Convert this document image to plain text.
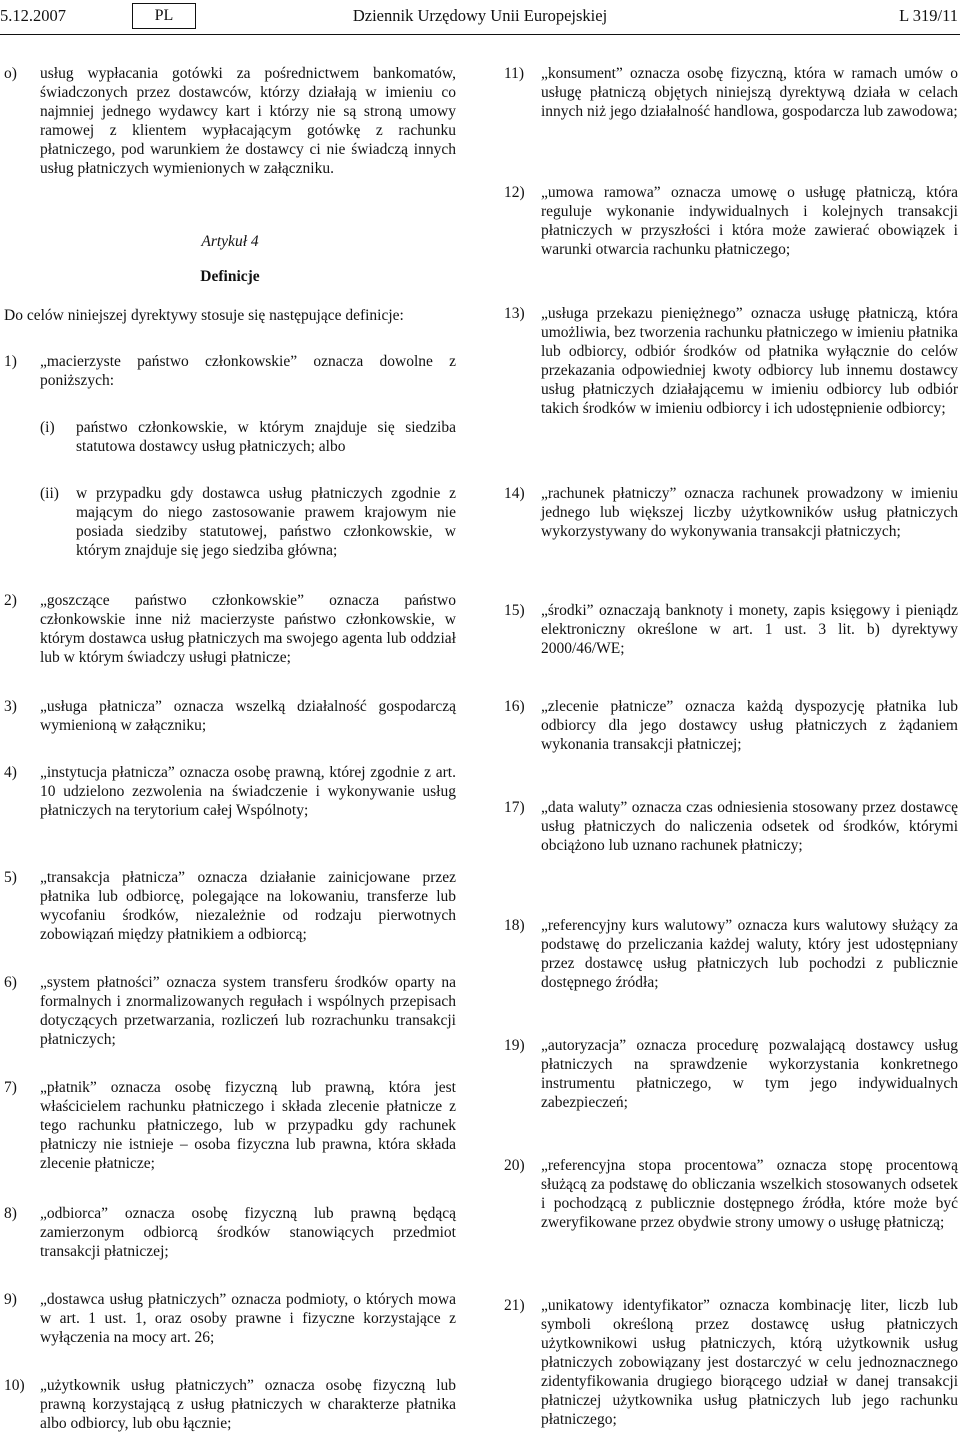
5.12.2007	PL	Dziennik Urzędowy Unii Europejskiej	L 319/11
o) usług wypłacania gotówki za pośrednictwem bankomatów, świadczonych przez dostawców, którzy działają w imieniu co najmniej jednego wydawcy kart i którzy nie są stroną umowy ramowej z klientem wypłacającym gotówkę z rachunku płatniczego, pod warunkiem że dostawcy ci nie świadczą innych usług płatniczych wymienionych w załączniku.
Artykuł 4
Definicje
Do celów niniejszej dyrektywy stosuje się następujące definicje:
1) „macierzyste państwo członkowskie” oznacza dowolne z poniższych:
(i) państwo członkowskie, w którym znajduje się siedziba statutowa dostawcy usług płatniczych; albo
(ii) w przypadku gdy dostawca usług płatniczych zgodnie z mającym do niego zastosowanie prawem krajowym nie posiada siedziby statutowej, państwo członkowskie, w którym znajduje się jego siedziba główna;
2) „goszczące państwo członkowskie” oznacza państwo członkowskie inne niż macierzyste państwo członkowskie, w którym dostawca usług płatniczych ma swojego agenta lub oddział lub w którym świadczy usługi płatnicze;
3) „usługa płatnicza” oznacza wszelką działalność gospodarczą wymienioną w załączniku;
4) „instytucja płatnicza” oznacza osobę prawną, której zgodnie z art. 10 udzielono zezwolenia na świadczenie i wykonywanie usług płatniczych na terytorium całej Wspólnoty;
5) „transakcja płatnicza” oznacza działanie zainicjowane przez płatnika lub odbiorcę, polegające na lokowaniu, transferze lub wycofaniu środków, niezależnie od rodzaju pierwotnych zobowiązań między płatnikiem a odbiorcą;
6) „system płatności” oznacza system transferu środków oparty na formalnych i znormalizowanych regułach i wspólnych przepisach dotyczących przetwarzania, rozliczeń lub rozrachunku transakcji płatniczych;
7) „płatnik” oznacza osobę fizyczną lub prawną, która jest właścicielem rachunku płatniczego i składa zlecenie płatnicze z tego rachunku płatniczego, lub w przypadku gdy rachunek płatniczy nie istnieje – osoba fizyczna lub prawna, która składa zlecenie płatnicze;
8) „odbiorca” oznacza osobę fizyczną lub prawną będącą zamierzonym odbiorcą środków stanowiących przedmiot transakcji płatniczej;
9) „dostawca usług płatniczych” oznacza podmioty, o których mowa w art. 1 ust. 1, oraz osoby prawne i fizyczne korzystające z wyłączenia na mocy art. 26;
10) „użytkownik usług płatniczych” oznacza osobę fizyczną lub prawną korzystającą z usług płatniczych w charakterze płatnika albo odbiorcy, lub obu łącznie;
11) „konsument” oznacza osobę fizyczną, która w ramach umów o usługę płatniczą objętych niniejszą dyrektywą działa w celach innych niż jego działalność handlowa, gospodarcza lub zawodowa;
12) „umowa ramowa” oznacza umowę o usługę płatniczą, która reguluje wykonanie indywidualnych i kolejnych transakcji płatniczych w przyszłości i która może zawierać obowiązek i warunki otwarcia rachunku płatniczego;
13) „usługa przekazu pieniężnego” oznacza usługę płatniczą, która umożliwia, bez tworzenia rachunku płatniczego w imieniu płatnika lub odbiorcy, odbiór środków od płatnika wyłącznie do celów przekazania odpowiedniej kwoty odbiorcy lub innemu dostawcy usług płatniczych działającemu w imieniu odbiorcy lub odbiór takich środków w imieniu odbiorcy i ich udostępnienie odbiorcy;
14) „rachunek płatniczy” oznacza rachunek prowadzony w imieniu jednego lub większej liczby użytkowników usług płatniczych wykorzystywany do wykonywania transakcji płatniczych;
15) „środki” oznaczają banknoty i monety, zapis księgowy i pieniądz elektroniczny określone w art. 1 ust. 3 lit. b) dyrektywy 2000/46/WE;
16) „zlecenie płatnicze” oznacza każdą dyspozycję płatnika lub odbiorcy dla jego dostawcy usług płatniczych z żądaniem wykonania transakcji płatniczej;
17) „data waluty” oznacza czas odniesienia stosowany przez dostawcę usług płatniczych do naliczenia odsetek od środków, którymi obciążono lub uznano rachunek płatniczy;
18) „referencyjny kurs walutowy” oznacza kurs walutowy służący za podstawę do przeliczania każdej waluty, który jest udostępniany przez dostawcę usług płatniczych lub pochodzi z publicznie dostępnego źródła;
19) „autoryzacja” oznacza procedurę pozwalającą dostawcy usług płatniczych na sprawdzenie wykorzystania konkretnego instrumentu płatniczego, w tym jego indywidualnych zabezpieczeń;
20) „referencyjna stopa procentowa” oznacza stopę procentową służącą za podstawę do obliczania wszelkich stosowanych odsetek i pochodzącą z publicznie dostępnego źródła, które może być zweryfikowane przez obydwie strony umowy o usługę płatniczą;
21) „unikatowy identyfikator” oznacza kombinację liter, liczb lub symboli określoną przez dostawcę usług płatniczych użytkownikowi usług płatniczych, którą użytkownik usług płatniczych zobowiązany jest dostarczyć w celu jednoznacznego zidentyfikowania drugiego biorącego udział w danej transakcji płatniczej użytkownika usług płatniczych lub jego rachunku płatniczego;
